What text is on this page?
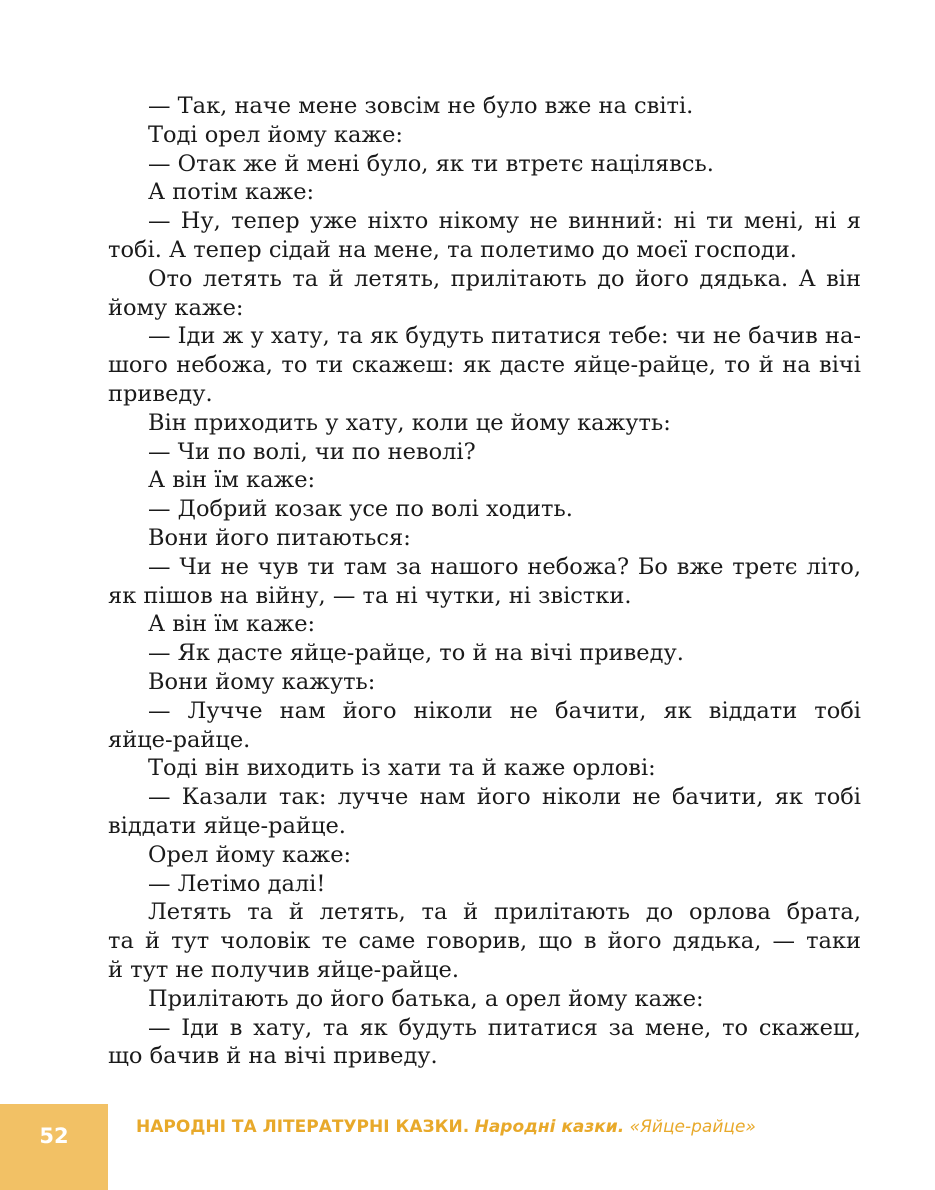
— Так, наче мене зовсім не було вже на світі.
Тоді орел йому каже:
— Отак же й мені було, як ти втретє націлявсь.
А потім каже:
— Ну, тепер уже ніхто нікому не винний: ні ти мені, ні я
тобі. А тепер сідай на мене, та полетимо до моєї господи.
Ото летять та й летять, прилітають до його дядька. А він
йому каже:
— Іди ж у хату, та як будуть питатися тебе: чи не бачив на-
шого небожа, то ти скажеш: як дасте яйце-райце, то й на вічі
приведу.
Він приходить у хату, коли це йому кажуть:
— Чи по волі, чи по неволі?
А він їм каже:
— Добрий козак усе по волі ходить.
Вони його питаються:
— Чи не чув ти там за нашого небожа? Бо вже третє літо,
як пішов на війну, — та ні чутки, ні звістки.
А він їм каже:
— Як дасте яйце-райце, то й на вічі приведу.
Вони йому кажуть:
— Лучче нам його ніколи не бачити, як віддати тобі
яйце-райце.
Тоді він виходить із хати та й каже орлові:
— Казали так: лучче нам його ніколи не бачити, як тобі
віддати яйце-райце.
Орел йому каже:
— Летімо далі!
Летять та й летять, та й прилітають до орлова брата,
та й тут чоловік те саме говорив, що в його дядька, — таки
й тут не получив яйце-райце.
Прилітають до його батька, а орел йому каже:
— Іди в хату, та як будуть питатися за мене, то скажеш,
що бачив й на вічі приведу.
52	НАРОДНІ ТА ЛІТЕРАТУРНІ КАЗКИ. Народні казки. «Яйце-райце»
